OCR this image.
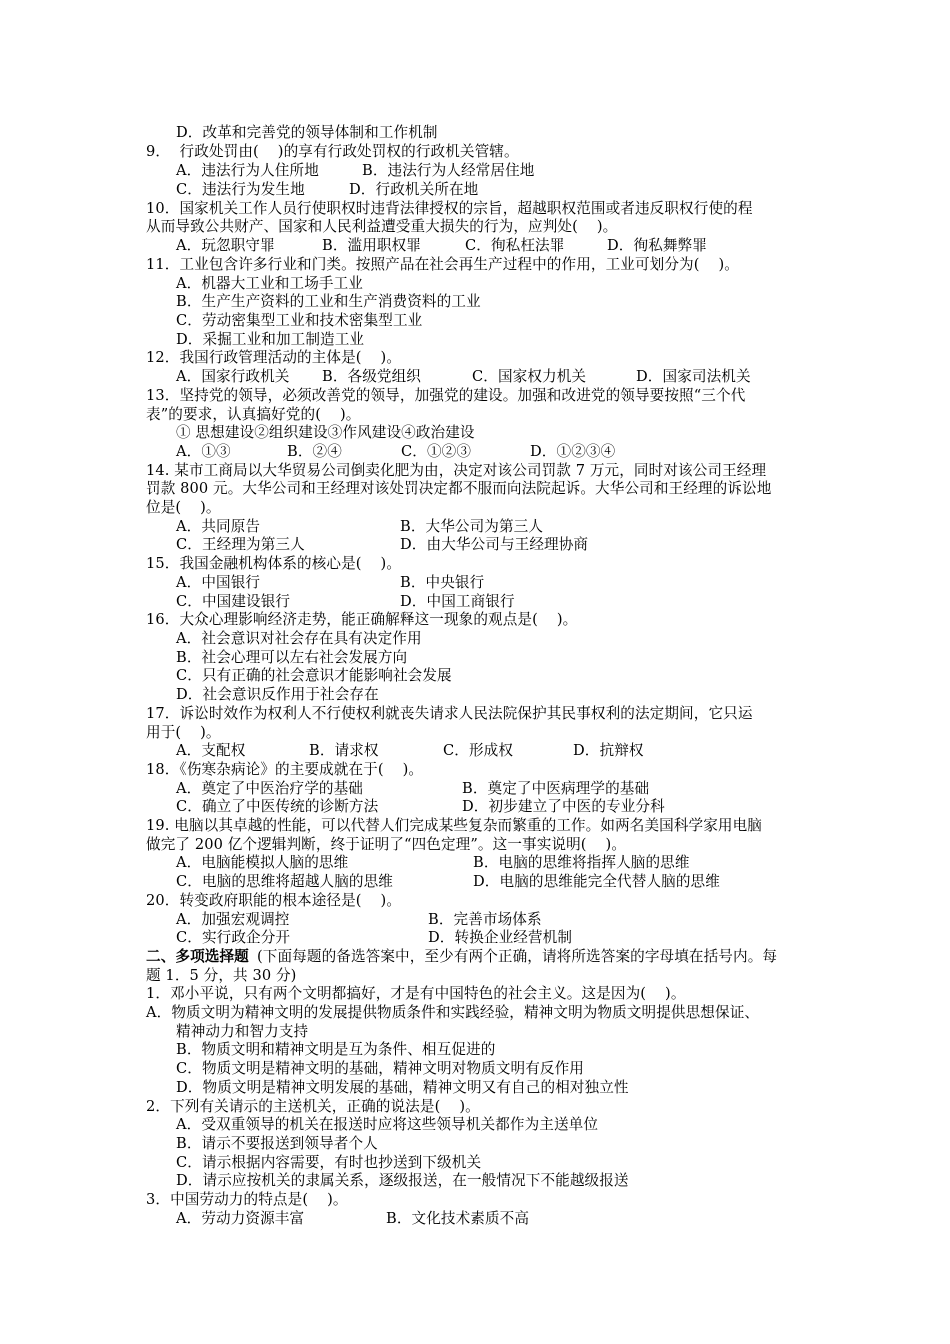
D．改革和完善党的领导体制和工作机制
9．  行政处罚由(    )的享有行政处罚权的行政机关管辖。
A．违法行为人住所地	B．违法行为人经常居住地
C．违法行为发生地	D．行政机关所在地
10．国家机关工作人员行使职权时违背法律授权的宗旨，超越职权范围或者违反职权行使的程
从而导致公共财产、国家和人民利益遭受重大损失的行为，应判处(    )。
A．玩忽职守罪	B．滥用职权罪	C．徇私枉法罪	D．徇私舞弊罪
11．工业包含许多行业和门类。按照产品在社会再生产过程中的作用，工业可划分为(    )。
A．机器大工业和工场手工业
B．生产生产资料的工业和生产消费资料的工业
C．劳动密集型工业和技术密集型工业
D．采掘工业和加工制造工业
12．我国行政管理活动的主体是(    )。
A．国家行政机关 B．各级党组织	C．国家权力机关	D．国家司法机关
13．坚持党的领导，必须改善党的领导，加强党的建设。加强和改进党的领导要按照“三个代
表”的要求，认真搞好党的(    )。
① 思想建设②组织建设③作风建设④政治建设
A．①③	B．②④	C．①②③	D．①②③④
14. 某市工商局以大华贸易公司倒卖化肥为由，决定对该公司罚款 7 万元，同时对该公司王经理
罚款 800 元。大华公司和王经理对该处罚决定都不服而向法院起诉。大华公司和王经理的诉讼地
位是(    )。
A．共同原告	B．大华公司为第三人
C．王经理为第三人	D．由大华公司与王经理协商
15．我国金融机构体系的核心是(    )。
A．中国银行	B．中央银行
C．中国建设银行	D．中国工商银行
16．大众心理影响经济走势，能正确解释这一现象的观点是(    )。
A．社会意识对社会存在具有决定作用
B．社会心理可以左右社会发展方向
C．只有正确的社会意识才能影响社会发展
D．社会意识反作用于社会存在
17．诉讼时效作为权利人不行使权利就丧失请求人民法院保护其民事权利的法定期间，它只运
用于(    )。
A．支配权	B．请求权	C．形成权	D．抗辩权
18．《伤寒杂病论》的主要成就在于(    )。
A．奠定了中医治疗学的基础	B．奠定了中医病理学的基础
C．确立了中医传统的诊断方法	D．初步建立了中医的专业分科
19. 电脑以其卓越的性能，可以代替人们完成某些复杂而繁重的工作。如两名美国科学家用电脑
做完了 200 亿个逻辑判断，终于证明了“四色定理”。这一事实说明(    )。
A．电脑能模拟人脑的思维	B．电脑的思维将指挥人脑的思维
C．电脑的思维将超越人脑的思维	D．电脑的思维能完全代替人脑的思维
20．转变政府职能的根本途径是(    )。
A．加强宏观调控	B．完善市场体系
C．实行政企分开	D．转换企业经营机制
二、多项选择题 (下面每题的备选答案中，至少有两个正确，请将所选答案的字母填在括号内。每
题 1．5 分，共 30 分)
1．邓小平说，只有两个文明都搞好，才是有中国特色的社会主义。这是因为(    )。
A．物质文明为精神文明的发展提供物质条件和实践经验，精神文明为物质文明提供思想保证、
精神动力和智力支持
B．物质文明和精神文明是互为条件、相互促进的
C．物质文明是精神文明的基础，精神文明对物质文明有反作用
D．物质文明是精神文明发展的基础，精神文明又有自己的相对独立性
2．下列有关请示的主送机关，正确的说法是(    )。
A．受双重领导的机关在报送时应将这些领导机关都作为主送单位
B．请示不要报送到领导者个人
C．请示根据内容需要，有时也抄送到下级机关
D．请示应按机关的隶属关系，逐级报送，在一般情况下不能越级报送
3．中国劳动力的特点是(    )。
A．劳动力资源丰富	B．文化技术素质不高
